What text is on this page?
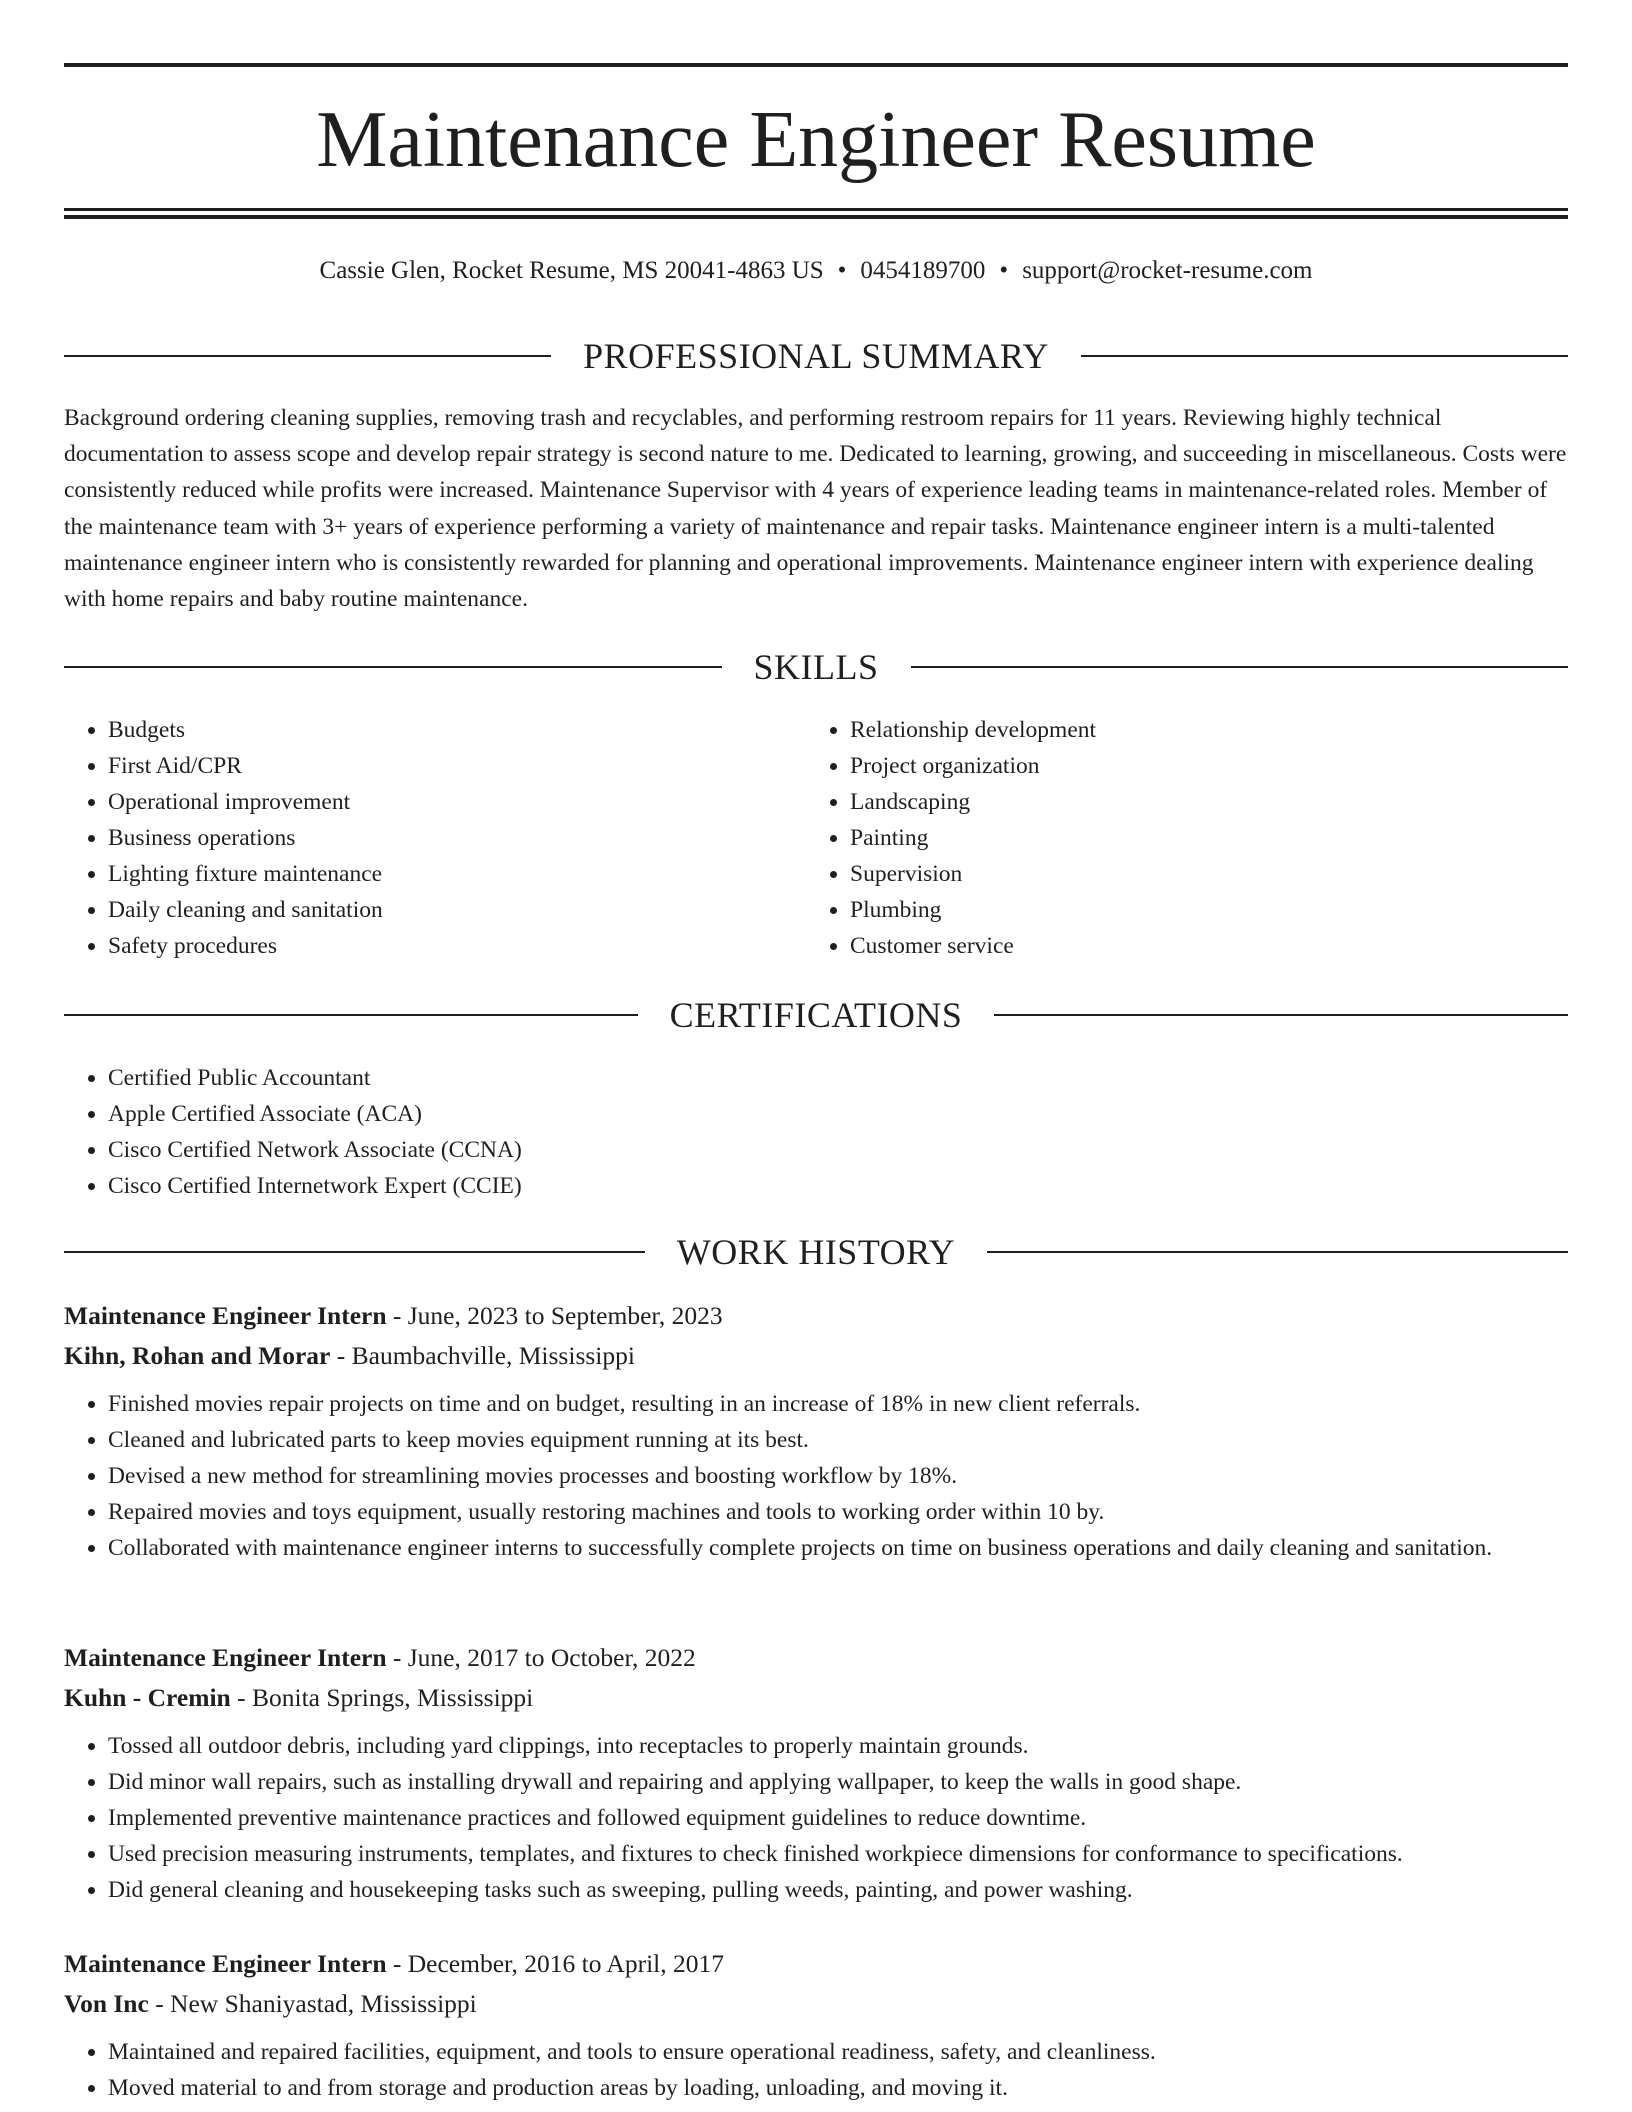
Maintenance Engineer Resume
Cassie Glen, Rocket Resume, MS 20041-4863 US • 0454189700 • support@rocket-resume.com
PROFESSIONAL SUMMARY

Background ordering cleaning supplies, removing trash and recyclables, and performing restroom repairs for 11 years. Reviewing highly technical documentation to assess scope and develop repair strategy is second nature to me. Dedicated to learning, growing, and succeeding in miscellaneous. Costs were consistently reduced while profits were increased. Maintenance Supervisor with 4 years of experience leading teams in maintenance-related roles. Member of the maintenance team with 3+ years of experience performing a variety of maintenance and repair tasks. Maintenance engineer intern is a multi-talented maintenance engineer intern who is consistently rewarded for planning and operational improvements. Maintenance engineer intern with experience dealing with home repairs and baby routine maintenance.

SKILLS
• Budgets
• First Aid/CPR
• Operational improvement
• Business operations
• Lighting fixture maintenance
• Daily cleaning and sanitation
• Safety procedures
• Relationship development
• Project organization
• Landscaping
• Painting
• Supervision
• Plumbing
• Customer service
CERTIFICATIONS
• Certified Public Accountant
• Apple Certified Associate (ACA)
• Cisco Certified Network Associate (CCNA)
• Cisco Certified Internetwork Expert (CCIE)
WORK HISTORY
Maintenance Engineer Intern - June, 2023 to September, 2023
Kihn, Rohan and Morar - Baumbachville, Mississippi
• Finished movies repair projects on time and on budget, resulting in an increase of 18% in new client referrals.
• Cleaned and lubricated parts to keep movies equipment running at its best.
• Devised a new method for streamlining movies processes and boosting workflow by 18%.
• Repaired movies and toys equipment, usually restoring machines and tools to working order within 10 by.
• Collaborated with maintenance engineer interns to successfully complete projects on time on business operations and daily cleaning and sanitation.
Maintenance Engineer Intern - June, 2017 to October, 2022
Kuhn - Cremin - Bonita Springs, Mississippi
• Tossed all outdoor debris, including yard clippings, into receptacles to properly maintain grounds.
• Did minor wall repairs, such as installing drywall and repairing and applying wallpaper, to keep the walls in good shape.
• Implemented preventive maintenance practices and followed equipment guidelines to reduce downtime.
• Used precision measuring instruments, templates, and fixtures to check finished workpiece dimensions for conformance to specifications.
• Did general cleaning and housekeeping tasks such as sweeping, pulling weeds, painting, and power washing.
Maintenance Engineer Intern - December, 2016 to April, 2017
Von Inc - New Shaniyastad, Mississippi
• Maintained and repaired facilities, equipment, and tools to ensure operational readiness, safety, and cleanliness.
• Moved material to and from storage and production areas by loading, unloading, and moving it.
